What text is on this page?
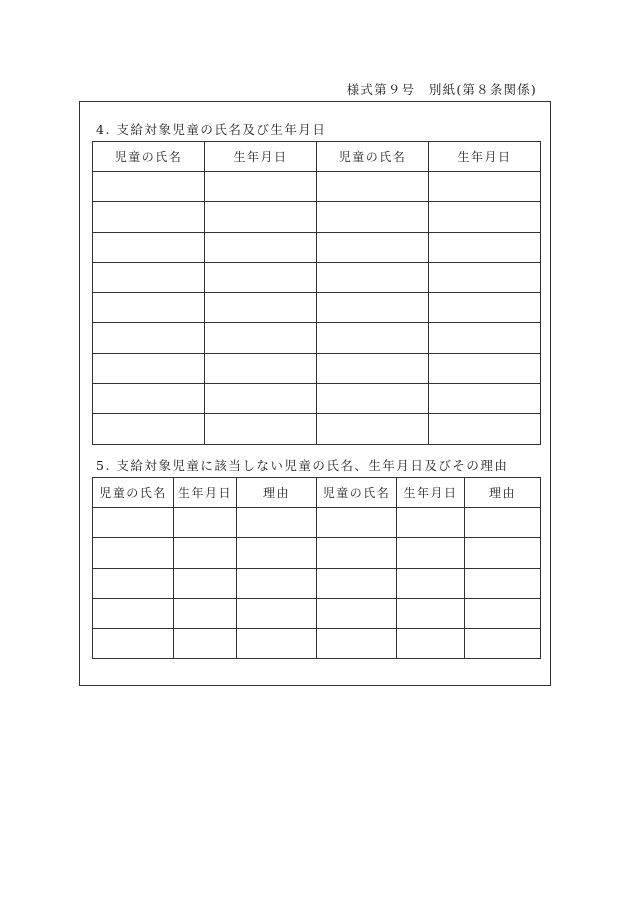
様式第９号　別紙(第８条関係)
4. 支給対象児童の氏名及び生年月日
児童の氏名	生年月日	児童の氏名	生年月日

5. 支給対象児童に該当しない児童の氏名、生年月日及びその理由
児童の氏名	生年月日	理由	児童の氏名	生年月日	理由
